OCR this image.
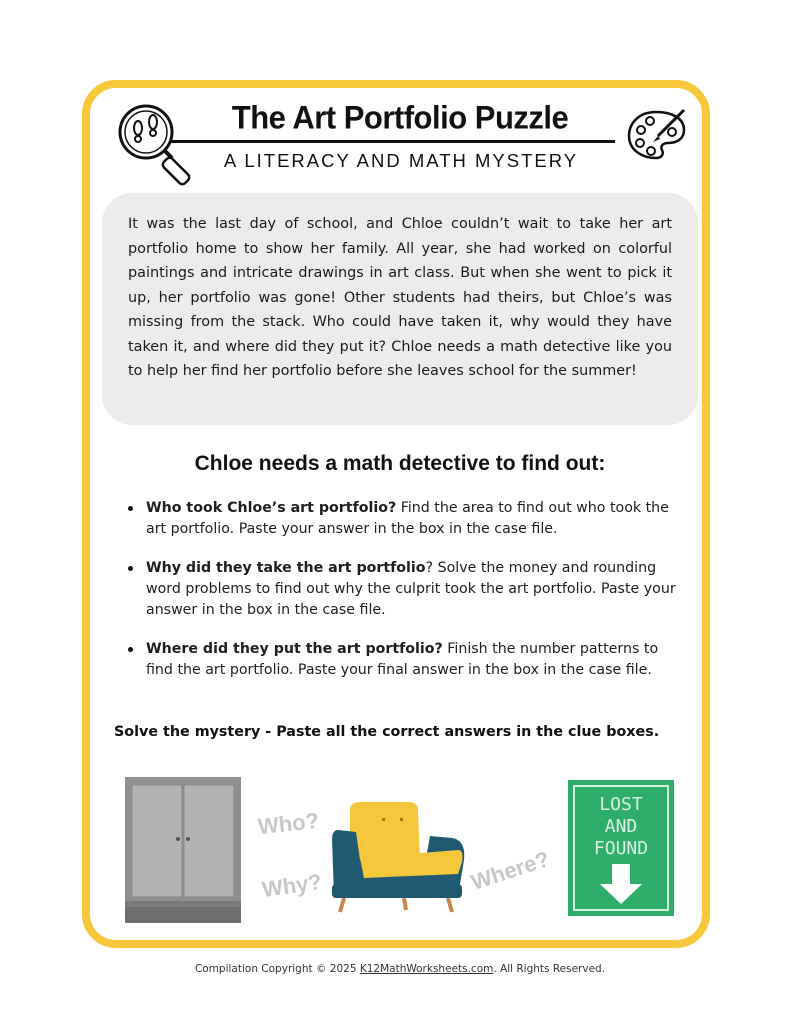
The Art Portfolio Puzzle
A LITERACY AND MATH MYSTERY

It was the last day of school, and Chloe couldn’t wait to take her art portfolio home to show her family. All year, she had worked on colorful paintings and intricate drawings in art class. But when she went to pick it up, her portfolio was gone! Other students had theirs, but Chloe’s was missing from the stack. Who could have taken it, why would they have taken it, and where did they put it? Chloe needs a math detective like you to help her find her portfolio before she leaves school for the summer!

Chloe needs a math detective to find out:
Who took Chloe’s art portfolio? Find the area to find out who took the art portfolio. Paste your answer in the box in the case file.
Why did they take the art portfolio? Solve the money and rounding word problems to find out why the culprit took the art portfolio. Paste your answer in the box in the case file.
Where did they put the art portfolio? Finish the number patterns to find the art portfolio. Paste your final answer in the box in the case file.
Solve the mystery - Paste all the correct answers in the clue boxes.
Who?
Why?	Where?
LOST
AND
FOUND
Compilation Copyright © 2025 K12MathWorksheets.com. All Rights Reserved.
